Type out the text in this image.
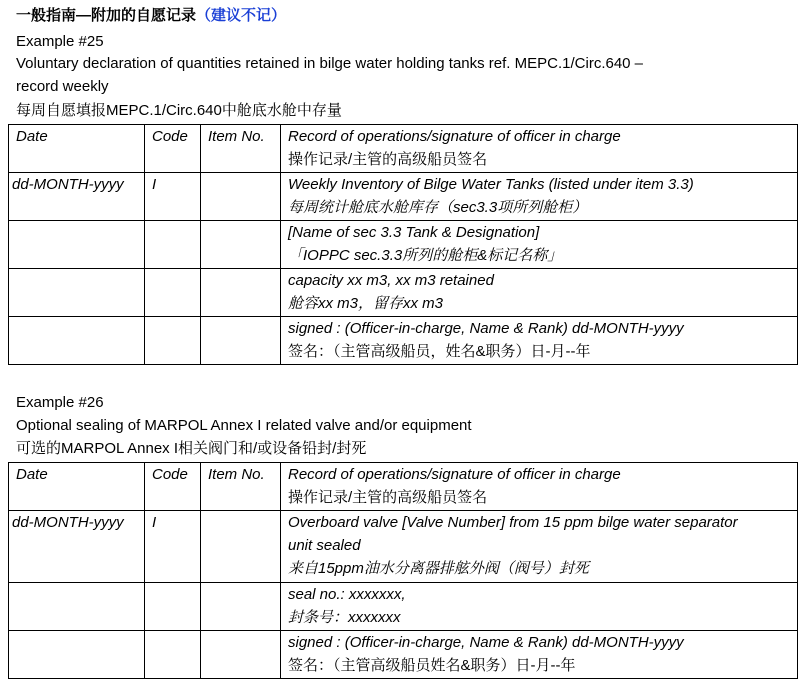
一般指南—附加的自愿记录（建议不记）
Example #25
Voluntary declaration of quantities retained in bilge water holding tanks ref. MEPC.1/Circ.640 –
record weekly
每周自愿填报MEPC.1/Circ.640中舱底水舱中存量
Date	Code	Item No.	Record of operations/signature of officer in charge
操作记录/主管的高级船员签名

dd-MONTH-yyyy	I		Weekly Inventory of Bilge Water Tanks (listed under item 3.3)
每周统计舱底水舱库存（sec3.3项所列舱柜）

			[Name of sec 3.3 Tank & Designation]
「IOPPC sec.3.3所列的舱柜&标记名称」

			capacity xx m3, xx m3 retained
舱容xx m3，留存xx m3

			signed : (Officer-in-charge, Name & Rank) dd-MONTH-yyyy
签名：（主管高级船员，姓名&职务）日-月--年
Example #26
Optional sealing of MARPOL Annex I related valve and/or equipment
可选的MARPOL Annex I相关阀门和/或设备铅封/封死
Date	Code	Item No.	Record of operations/signature of officer in charge
操作记录/主管的高级船员签名

dd-MONTH-yyyy	I		Overboard valve [Valve Number] from 15 ppm bilge water separator
unit sealed
来自15ppm油水分离器排舷外阀（阀号）封死

			seal no.: xxxxxxx,
封条号：xxxxxxx

			signed : (Officer-in-charge, Name & Rank) dd-MONTH-yyyy
签名：（主管高级船员姓名&职务）日-月--年
